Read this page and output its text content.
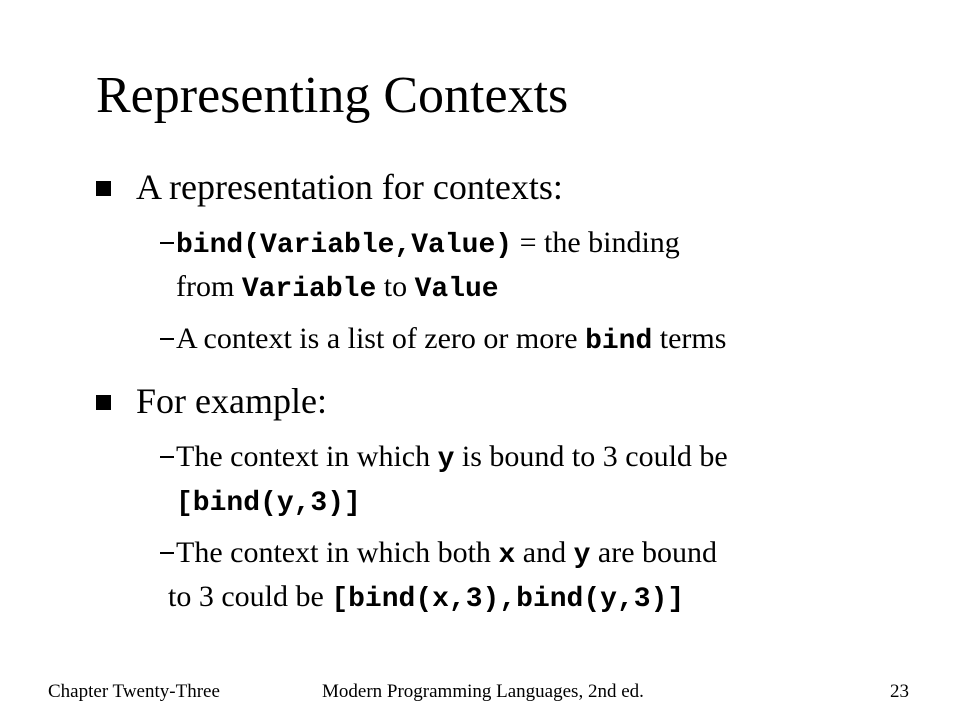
Representing Contexts
A representation for contexts:
bind(Variable,Value) = the binding
from Variable to Value
A context is a list of zero or more bind terms
For example:
The context in which y is bound to 3 could be
[bind(y,3)]
The context in which both x and y are bound
to 3 could be [bind(x,3),bind(y,3)]
Chapter Twenty-Three	Modern Programming Languages, 2nd ed.	23
